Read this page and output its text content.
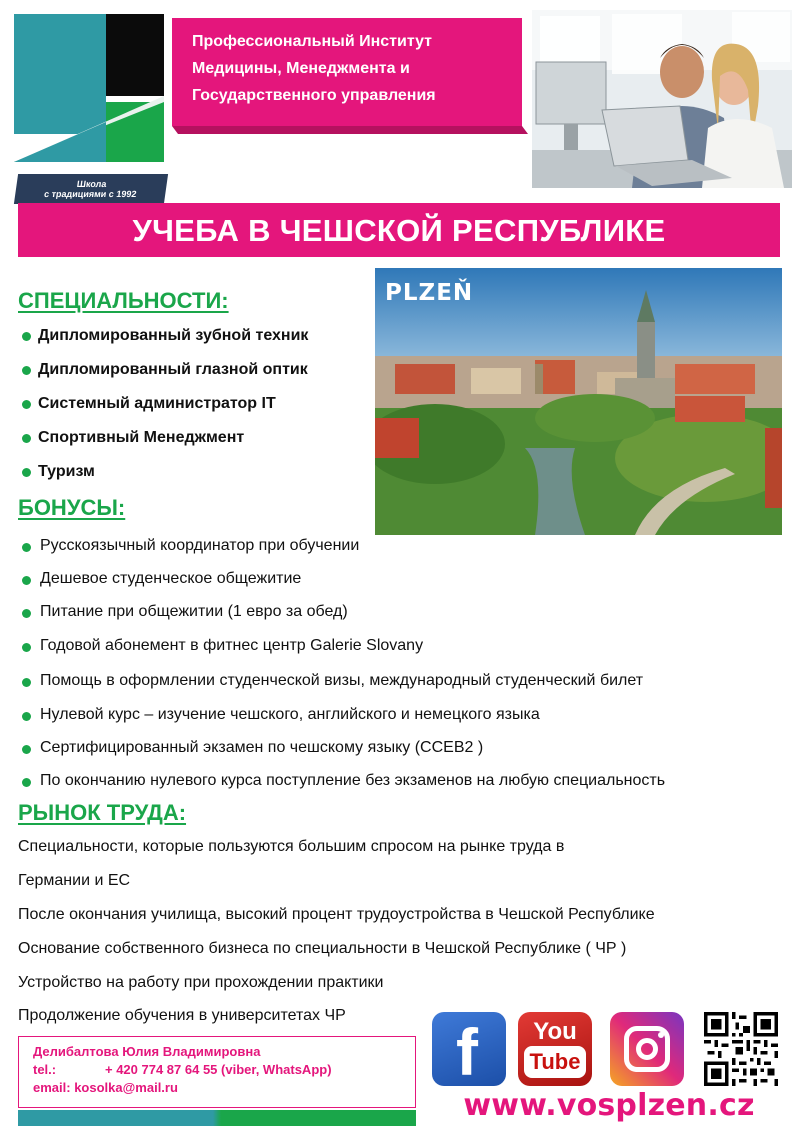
Школа
с традициями с 1992

Профессиональный Институт

Медицины, Менеджмента и

Государственного управления

УЧЕБА В ЧЕШСКОЙ РЕСПУБЛИКЕ
СПЕЦИАЛЬНОСТИ:
Дипломированный зубной техник
Дипломированный глазной оптик
Системный администратор IT
Спортивный Менеджмент
Туризм
PLZEŇ
БОНУСЫ:
Русскоязычный координатор при обучении
Дешевое студенческое общежитие
Питание при общежитии (1 евро за обед)
Годовой абонемент в фитнес центр Galerie Slovany
Помощь в оформлении студенческой визы, международный студенческий билет
Нулевой курс – изучение чешского, английского и немецкого языка
Сертифицированный экзамен по чешскому языку (CCEB2 )
По окончанию нулевого курса поступление без экзаменов на любую специальность
РЫНОК ТРУДА:
Специальности, которые пользуются большим спросом на рынке труда в
Германии и ЕС
После окончания училища, высокий процент трудоустройства в Чешской Республике
Основание собственного бизнеса по специальности в Чешской Республике ( ЧР )
Устройство на работу при прохождении практики
Продолжение обучения в университетах ЧР
Делибалтова Юлия Владимировна
tel.:	+ 420 774 87 64 55 (viber, WhatsApp)
email: kosolka@mail.ru	f	You
Tube
www.vosplzen.cz
